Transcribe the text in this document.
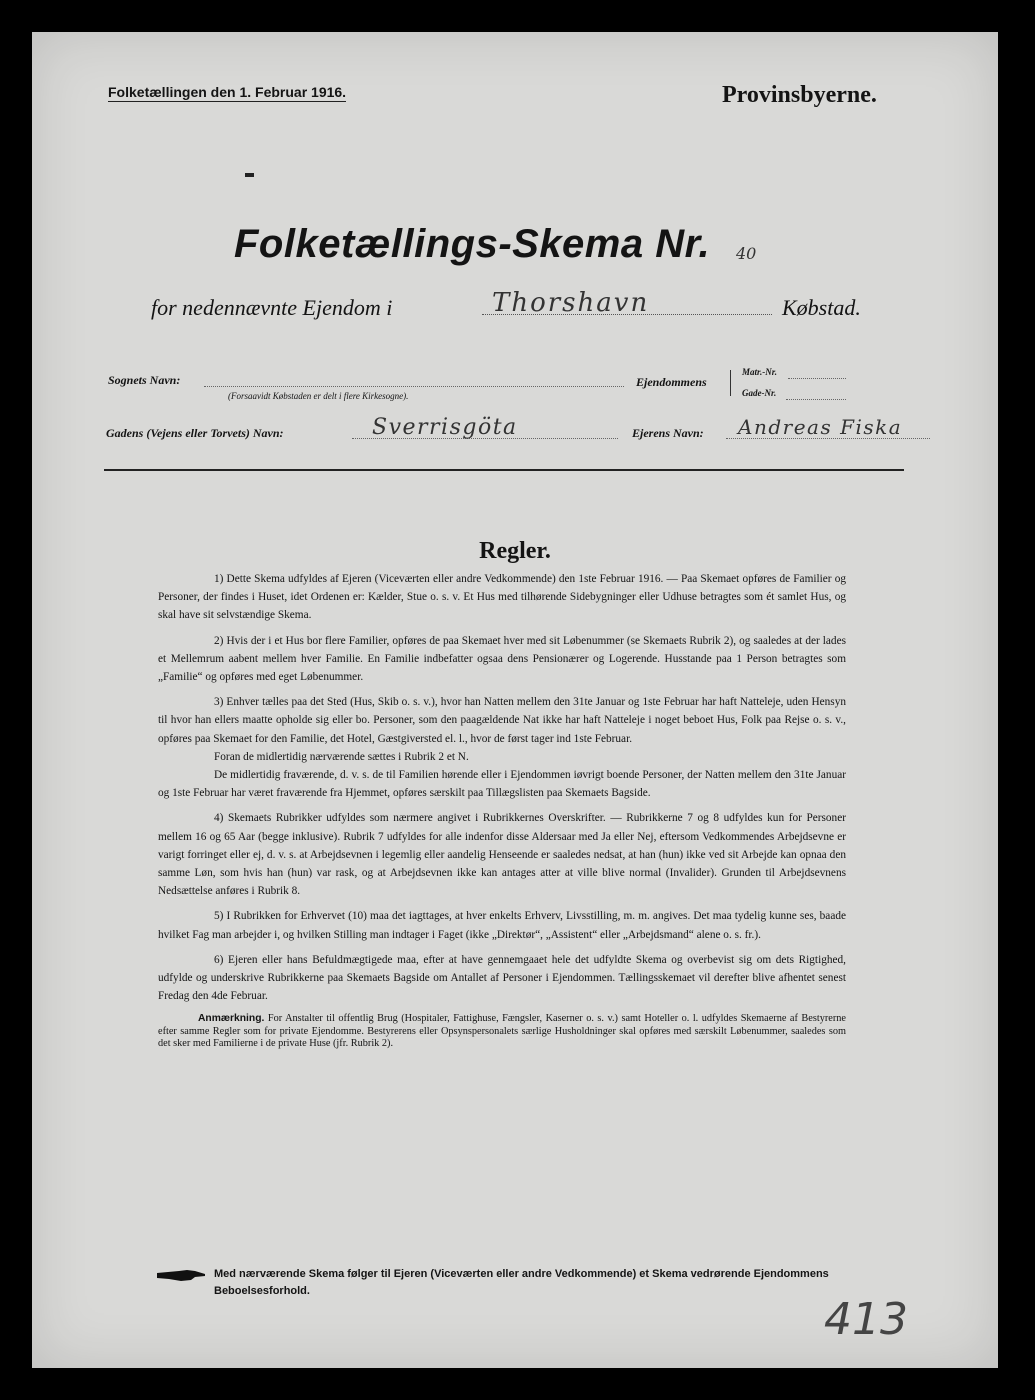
Folketællingen den 1. Februar 1916.	Provinsbyerne.
Folketællings-Skema Nr. 40
for nedennævnte Ejendom i	Thorshavn	Købstad.
Sognets Navn:
(Forsaavidt Købstaden er delt i flere Kirkesogne).
Ejendommens
Matr.-Nr.
Gade-Nr.
Gadens (Vejens eller Torvets) Navn:	Sverrisgöta	Ejerens Navn: Andreas Fiska
Regler.

1) Dette Skema udfyldes af Ejeren (Viceværten eller andre Vedkommende) den 1ste Februar 1916. — Paa Skemaet opføres de Familier og Personer, der findes i Huset, idet Ordenen er: Kælder, Stue o. s. v. Et Hus med tilhørende Sidebygninger eller Udhuse betragtes som ét samlet Hus, og skal have sit selvstændige Skema.

2) Hvis der i et Hus bor flere Familier, opføres de paa Skemaet hver med sit Løbenummer (se Skemaets Rubrik 2), og saaledes at der lades et Mellemrum aabent mellem hver Familie. En Familie indbefatter ogsaa dens Pensionærer og Logerende. Husstande paa 1 Person betragtes som „Familie“ og opføres med eget Løbenummer.

3) Enhver tælles paa det Sted (Hus, Skib o. s. v.), hvor han Natten mellem den 31te Januar og 1ste Februar har haft Natteleje, uden Hensyn til hvor han ellers maatte opholde sig eller bo. Personer, som den paagældende Nat ikke har haft Natteleje i noget beboet Hus, Folk paa Rejse o. s. v., opføres paa Skemaet for den Familie, det Hotel, Gæstgiversted el. l., hvor de først tager ind 1ste Februar.

Foran de midlertidig nærværende sættes i Rubrik 2 et N.

De midlertidig fraværende, d. v. s. de til Familien hørende eller i Ejendommen iøvrigt boende Personer, der Natten mellem den 31te Januar og 1ste Februar har været fraværende fra Hjemmet, opføres særskilt paa Tillægslisten paa Skemaets Bagside.

4) Skemaets Rubrikker udfyldes som nærmere angivet i Rubrikkernes Overskrifter. — Rubrikkerne 7 og 8 udfyldes kun for Personer mellem 16 og 65 Aar (begge inklusive). Rubrik 7 udfyldes for alle indenfor disse Aldersaar med Ja eller Nej, eftersom Vedkommendes Arbejdsevne er varigt forringet eller ej, d. v. s. at Arbejdsevnen i legemlig eller aandelig Henseende er saaledes nedsat, at han (hun) ikke ved sit Arbejde kan opnaa den samme Løn, som hvis han (hun) var rask, og at Arbejdsevnen ikke kan antages atter at ville blive normal (Invalider). Grunden til Arbejdsevnens Nedsættelse anføres i Rubrik 8.

5) I Rubrikken for Erhvervet (10) maa det iagttages, at hver enkelts Erhverv, Livsstilling, m. m. angives. Det maa tydelig kunne ses, baade hvilket Fag man arbejder i, og hvilken Stilling man indtager i Faget (ikke „Direktør“, „Assistent“ eller „Arbejdsmand“ alene o. s. fr.).

6) Ejeren eller hans Befuldmægtigede maa, efter at have gennemgaaet hele det udfyldte Skema og overbevist sig om dets Rigtighed, udfylde og underskrive Rubrikkerne paa Skemaets Bagside om Antallet af Personer i Ejendommen. Tællingsskemaet vil derefter blive afhentet senest Fredag den 4de Februar.

Anmærkning. For Anstalter til offentlig Brug (Hospitaler, Fattighuse, Fængsler, Kaserner o. s. v.) samt Hoteller o. l. udfyldes Skemaerne af Bestyrerne efter samme Regler som for private Ejendomme. Bestyrerens eller Opsynspersonalets særlige Husholdninger skal opføres med særskilt Løbenummer, saaledes som det sker med Familierne i de private Huse (jfr. Rubrik 2).

Med nærværende Skema følger til Ejeren (Viceværten eller andre Vedkommende) et Skema vedrørende Ejendommens Beboelsesforhold.
413
